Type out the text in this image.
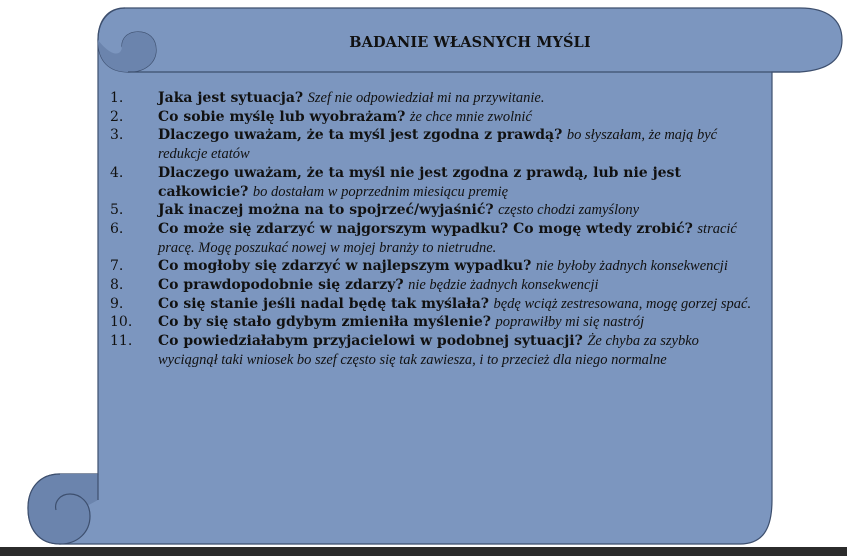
BADANIE WŁASNYCH MYŚLI
1. Jaka jest sytuacja? Szef nie odpowiedział mi na przywitanie.
2. Co sobie myślę lub wyobrażam? że chce mnie zwolnić
3. Dlaczego uważam, że ta myśl jest zgodna z prawdą? bo słyszałam, że mają być redukcje etatów
4. Dlaczego uważam, że ta myśl nie jest zgodna z prawdą, lub nie jest całkowicie? bo dostałam w poprzednim miesiącu premię
5. Jak inaczej można na to spojrzeć/wyjaśnić? często chodzi zamyślony
6. Co może się zdarzyć w najgorszym wypadku? Co mogę wtedy zrobić? stracić pracę. Mogę poszukać nowej w mojej branży to nietrudne.
7. Co mogłoby się zdarzyć w najlepszym wypadku? nie byłoby żadnych konsekwencji
8. Co prawdopodobnie się zdarzy? nie będzie żadnych konsekwencji
9. Co się stanie jeśli nadal będę tak myślała? będę wciąż zestresowana, mogę gorzej spać.
10. Co by się stało gdybym zmieniła myślenie? poprawiłby mi się nastrój
11. Co powiedziałabym przyjacielowi w podobnej sytuacji? Że chyba za szybko wyciągnął taki wniosek bo szef często się tak zawiesza, i to przecież dla niego normalne
